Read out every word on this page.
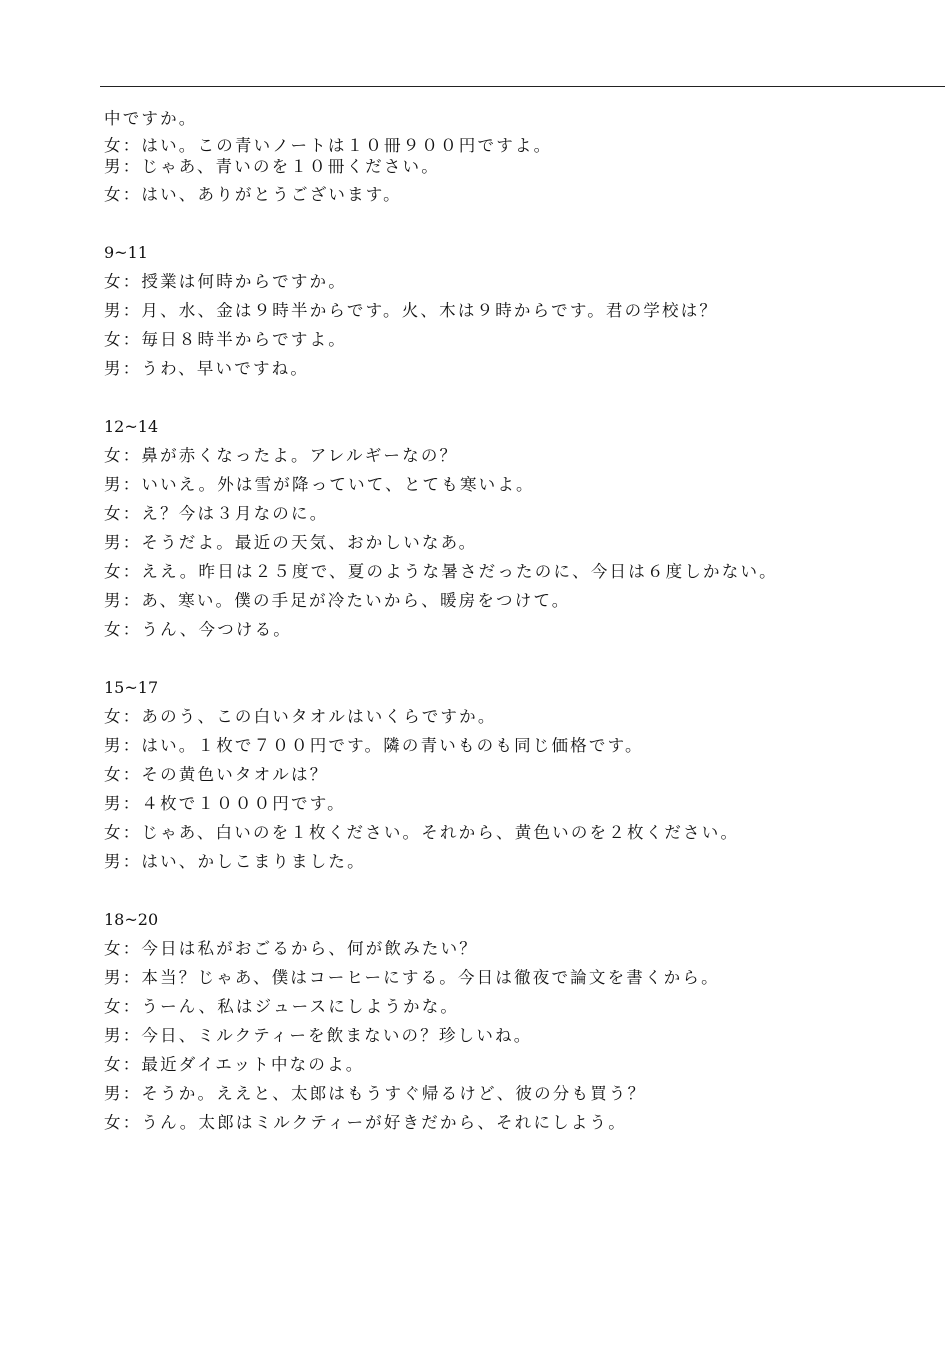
中ですか。
女：はい。この青いノートは１０冊９００円ですよ。
男：じゃあ、青いのを１０冊ください。
女：はい、ありがとうございます。
9~11
女：授業は何時からですか。
男：月、水、金は９時半からです。火、木は９時からです。君の学校は？
女：毎日８時半からですよ。
男：うわ、早いですね。
12~14
女：鼻が赤くなったよ。アレルギーなの？
男：いいえ。外は雪が降っていて、とても寒いよ。
女：え？今は３月なのに。
男：そうだよ。最近の天気、おかしいなあ。
女：ええ。昨日は２５度で、夏のような暑さだったのに、今日は６度しかない。
男：あ、寒い。僕の手足が冷たいから、暖房をつけて。
女：うん、今つける。
15~17
女：あのう、この白いタオルはいくらですか。
男：はい。１枚で７００円です。隣の青いものも同じ価格です。
女：その黄色いタオルは？
男：４枚で１０００円です。
女：じゃあ、白いのを１枚ください。それから、黄色いのを２枚ください。
男：はい、かしこまりました。
18~20
女：今日は私がおごるから、何が飲みたい？
男：本当？じゃあ、僕はコーヒーにする。今日は徹夜で論文を書くから。
女：うーん、私はジュースにしようかな。
男：今日、ミルクティーを飲まないの？珍しいね。
女：最近ダイエット中なのよ。
男：そうか。ええと、太郎はもうすぐ帰るけど、彼の分も買う？
女：うん。太郎はミルクティーが好きだから、それにしよう。
